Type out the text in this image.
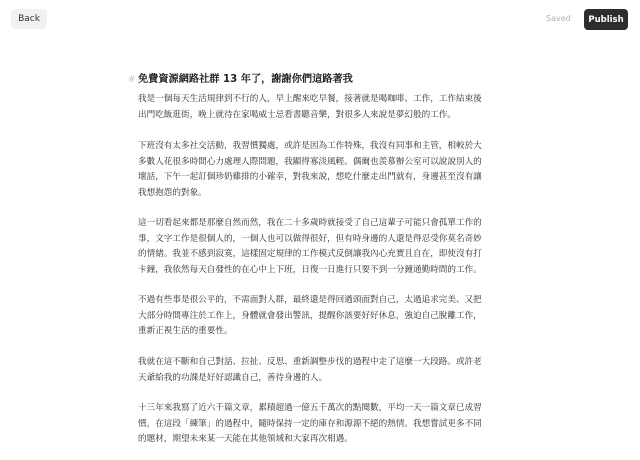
Back	Saved	Publish
# 免費資源網路社群 13 年了，謝謝你們這路著我
我是一個每天生活規律到不行的人，早上醒來吃早餐，接著就是喝咖啡、工作，工作結束後
出門吃飯逛街，晚上就待在家喝威士忌看書聽音樂，對很多人來說是夢幻般的工作。
下班沒有太多社交活動，我習慣獨處，或許是因為工作特殊，我沒有同事和主管，相較於大
多數人花很多時間心力處理人際問題，我顯得寡淡風輕。偶爾也羨慕辦公室可以說說別人的
壞話，下午一起訂個珍奶雞排的小確幸，對我來說，想吃什麼走出門就有，身邊甚至沒有讓
我想抱怨的對象。
這一切看起來都是那麼自然而然，我在二十多歲時就接受了自己這輩子可能只會孤單工作的
事，文字工作是很個人的，一個人也可以做得很好，但有時身邊的人還是得忍受你莫名奇妙
的情緒。我並不感到寂寞，這樣固定規律的工作模式反倒讓我內心充實且自在，即使沒有打
卡鐘，我依然每天自發性的在心中上下班，日復一日進行只要不到一分鐘通勤時間的工作。
不過有些事是很公平的，不需面對人群，最終還是得回過頭面對自己，太過追求完美、又把
大部分時間專注於工作上，身體就會發出警訊，提醒你該要好好休息，強迫自己脫離工作，
重新正視生活的重要性。
我就在這不斷和自己對話、拉扯、反思、重新調整步伐的過程中走了這麼一大段路。或許老
天爺給我的功課是好好認識自己，善待身邊的人。
十三年來我寫了近六千篇文章，累積超過一億五千萬次的點閱數，平均一天一篇文章已成習
慣，在這段「練筆」的過程中，隨時保持一定的庫存和源源不絕的熱情。我想嘗試更多不同
的題材，期望未來某一天能在其他領域和大家再次相遇。
